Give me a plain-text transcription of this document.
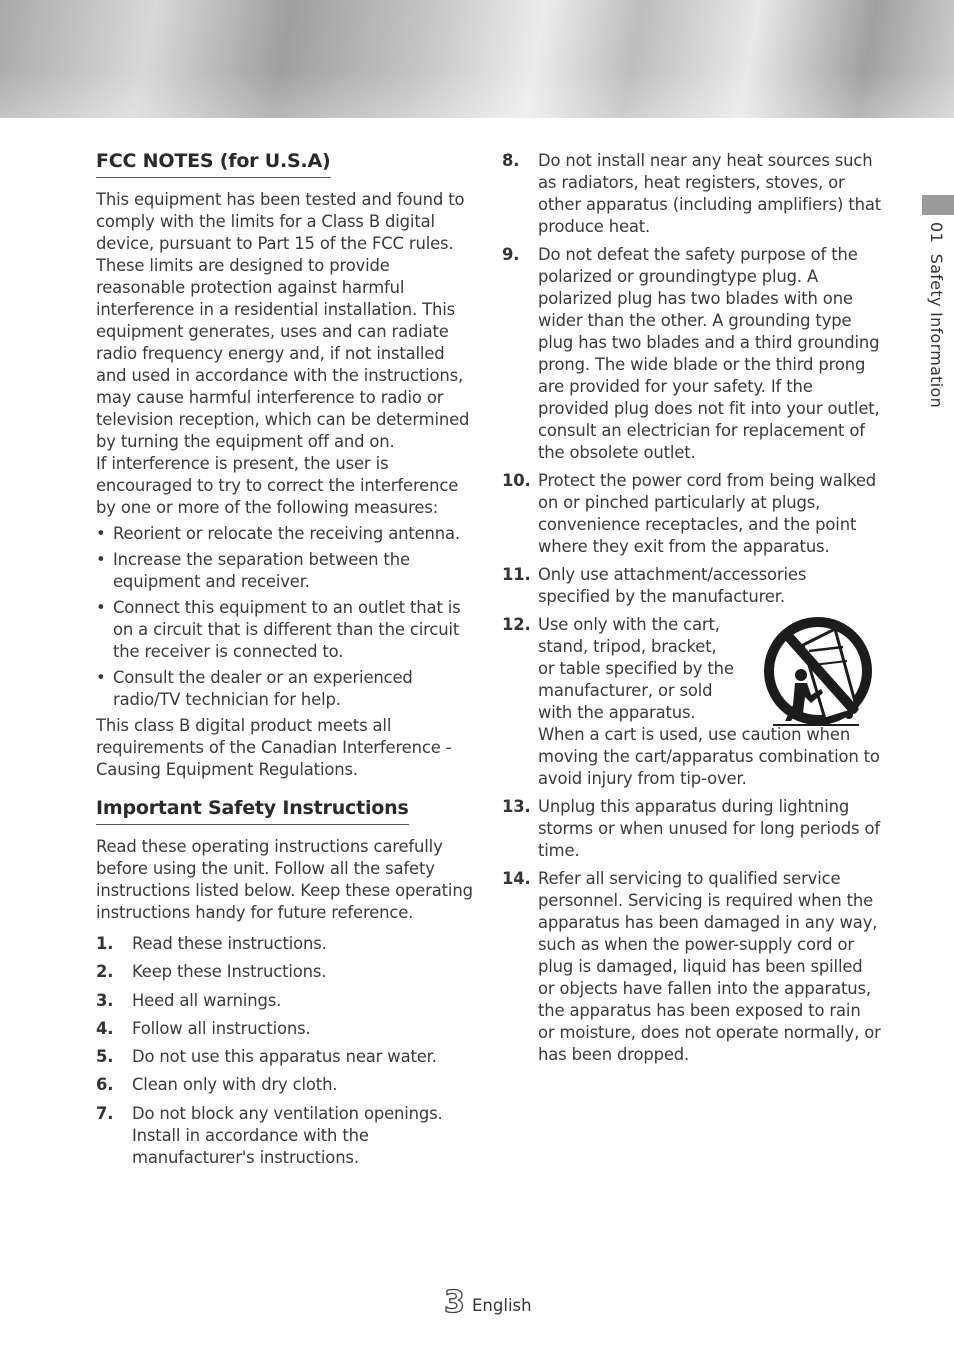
01  Safety Information
FCC NOTES (for U.S.A)

This equipment has been tested and found to comply with the limits for a Class B digital device, pursuant to Part 15 of the FCC rules. These limits are designed to provide reasonable protection against harmful interference in a residential installation. This equipment generates, uses and can radiate radio frequency energy and, if not installed and used in accordance with the instructions, may cause harmful interference to radio or television reception, which can be determined by turning the equipment off and on.

If interference is present, the user is encouraged to try to correct the interference by one or more of the following measures:

• Reorient or relocate the receiving antenna.
• Increase the separation between the equipment and receiver.
• Connect this equipment to an outlet that is on a circuit that is different than the circuit the receiver is connected to.
• Consult the dealer or an experienced radio/TV technician for help.

This class B digital product meets all requirements of the Canadian Interference - Causing Equipment Regulations.

Important Safety Instructions

Read these operating instructions carefully before using the unit. Follow all the safety instructions listed below. Keep these operating instructions handy for future reference.

1. Read these instructions.
2. Keep these Instructions.
3. Heed all warnings.
4. Follow all instructions.
5. Do not use this apparatus near water.
6. Clean only with dry cloth.
7. Do not block any ventilation openings. Install in accordance with the manufacturer's instructions.
8. Do not install near any heat sources such as radiators, heat registers, stoves, or other apparatus (including amplifiers) that produce heat.
9. Do not defeat the safety purpose of the polarized or groundingtype plug. A polarized plug has two blades with one wider than the other. A grounding type plug has two blades and a third grounding prong. The wide blade or the third prong are provided for your safety. If the provided plug does not fit into your outlet, consult an electrician for replacement of the obsolete outlet.
10. Protect the power cord from being walked on or pinched particularly at plugs, convenience receptacles, and the point where they exit from the apparatus.
11. Only use attachment/accessories specified by the manufacturer.
12. Use only with the cart,
stand, tripod, bracket,
or table specified by the
manufacturer, or sold
with the apparatus.
When a cart is used, use caution when moving the cart/apparatus combination to avoid injury from tip-over.
13. Unplug this apparatus during lightning storms or when unused for long periods of time.
14. Refer all servicing to qualified service personnel. Servicing is required when the apparatus has been damaged in any way, such as when the power-supply cord or plug is damaged, liquid has been spilled or objects have fallen into the apparatus, the apparatus has been exposed to rain or moisture, does not operate normally, or has been dropped.
3 English
